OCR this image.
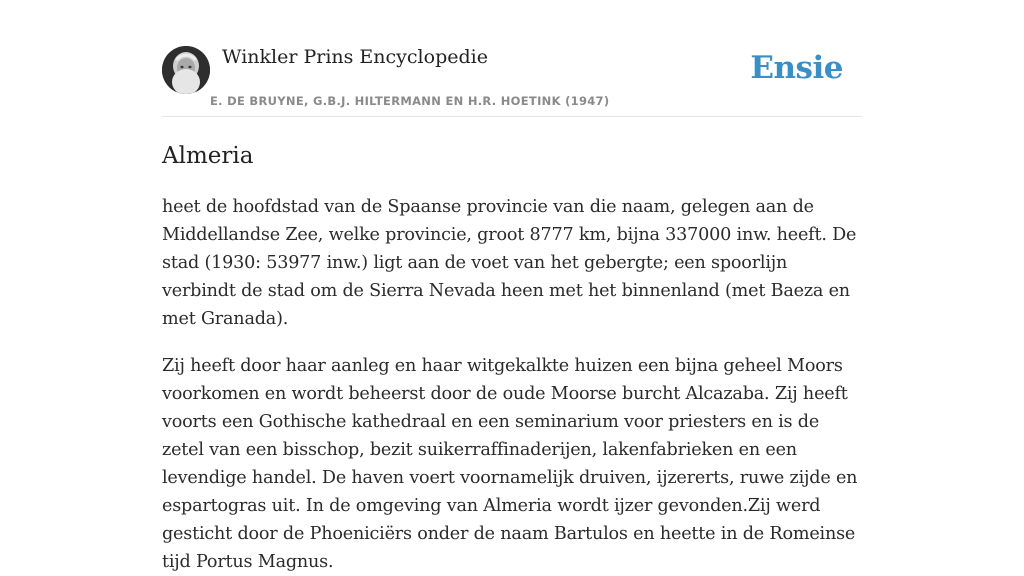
Winkler Prins Encyclopedie
E. DE BRUYNE, G.B.J. HILTERMANN EN H.R. HOETINK (1947)
Ensie
Almeria

heet de hoofdstad van de Spaanse provincie van die naam, gelegen aan de Middellandse Zee, welke provincie, groot 8777 km, bijna 337000 inw. heeft. De stad (1930: 53977 inw.) ligt aan de voet van het gebergte; een spoorlijn verbindt de stad om de Sierra Nevada heen met het binnenland (met Baeza en met Granada).

Zij heeft door haar aanleg en haar witgekalkte huizen een bijna geheel Moors voorkomen en wordt beheerst door de oude Moorse burcht Alcazaba. Zij heeft voorts een Gothische kathedraal en een seminarium voor priesters en is de zetel van een bisschop, bezit suikerraffinaderijen, lakenfabrieken en een levendige handel. De haven voert voornamelijk druiven, ijzererts, ruwe zijde en espartogras uit. In de omgeving van Almeria wordt ijzer gevonden.Zij werd gesticht door de Phoeniciërs onder de naam Bartulos en heette in de Romeinse tijd Portus Magnus.
